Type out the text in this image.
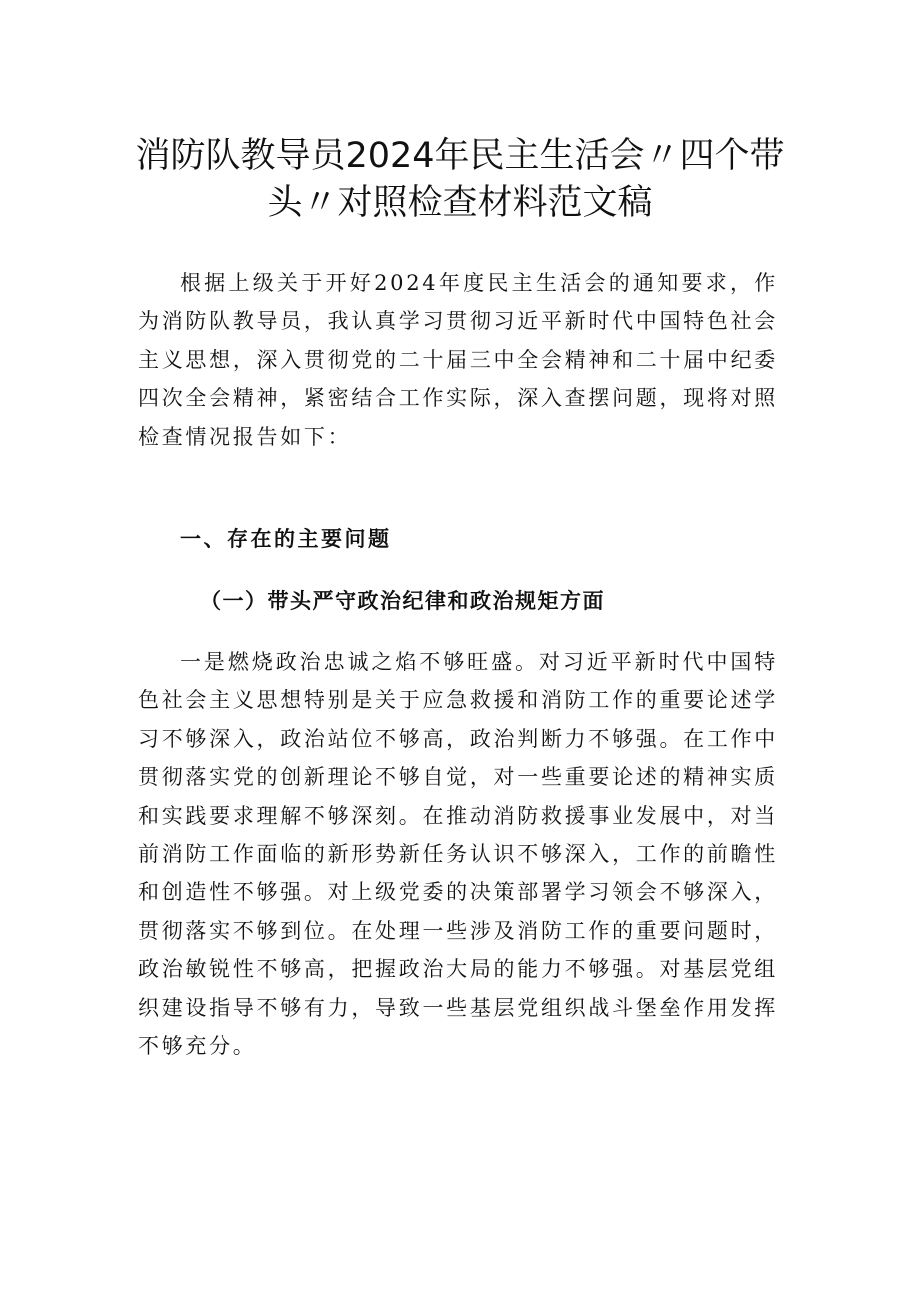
消防队教导员2024年民主生活会〃四个带
头〃对照检查材料范文稿

根据上级关于开好2024年度民主生活会的通知要求，作为消防队教导员，我认真学习贯彻习近平新时代中国特色社会主义思想，深入贯彻党的二十届三中全会精神和二十届中纪委四次全会精神，紧密结合工作实际，深入查摆问题，现将对照检查情况报告如下：

一、存在的主要问题
（一）带头严守政治纪律和政治规矩方面

一是燃烧政治忠诚之焰不够旺盛。对习近平新时代中国特色社会主义思想特别是关于应急救援和消防工作的重要论述学习不够深入，政治站位不够高，政治判断力不够强。在工作中贯彻落实党的创新理论不够自觉，对一些重要论述的精神实质和实践要求理解不够深刻。在推动消防救援事业发展中，对当前消防工作面临的新形势新任务认识不够深入，工作的前瞻性和创造性不够强。对上级党委的决策部署学习领会不够深入，贯彻落实不够到位。在处理一些涉及消防工作的重要问题时，政治敏锐性不够高，把握政治大局的能力不够强。对基层党组织建设指导不够有力，导致一些基层党组织战斗堡垒作用发挥不够充分。
